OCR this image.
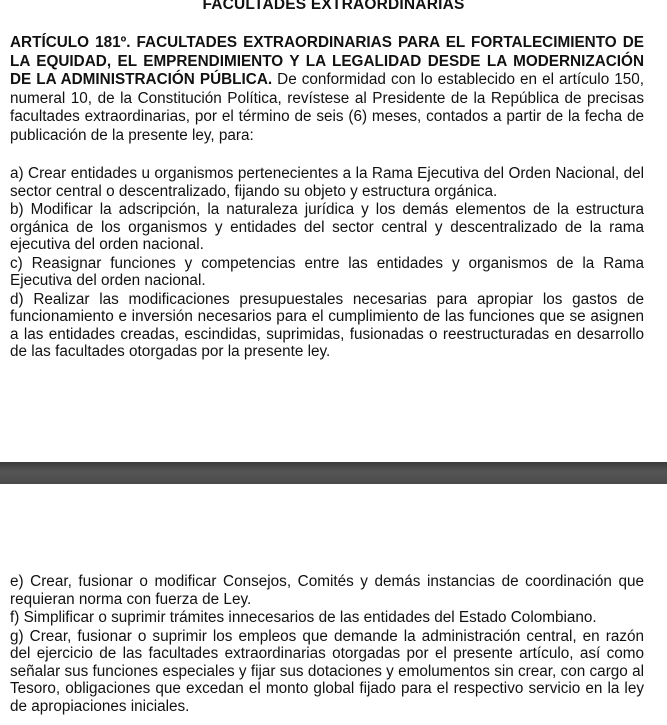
FACULTADES EXTRAORDINARIAS
ARTÍCULO 181º. FACULTADES EXTRAORDINARIAS PARA EL FORTALECIMIENTO DE LA EQUIDAD, EL EMPRENDIMIENTO Y LA LEGALIDAD DESDE LA MODERNIZACIÓN DE LA ADMINISTRACIÓN PÚBLICA. De conformidad con lo establecido en el artículo 150, numeral 10, de la Constitución Política, revístese al Presidente de la República de precisas facultades extraordinarias, por el término de seis (6) meses, contados a partir de la fecha de publicación de la presente ley, para:

a) Crear entidades u organismos pertenecientes a la Rama Ejecutiva del Orden Nacional, del sector central o descentralizado, fijando su objeto y estructura orgánica.

b) Modificar la adscripción, la naturaleza jurídica y los demás elementos de la estructura orgánica de los organismos y entidades del sector central y descentralizado de la rama ejecutiva del orden nacional.

c) Reasignar funciones y competencias entre las entidades y organismos de la Rama Ejecutiva del orden nacional.

d) Realizar las modificaciones presupuestales necesarias para apropiar los gastos de funcionamiento e inversión necesarios para el cumplimiento de las funciones que se asignen a las entidades creadas, escindidas, suprimidas, fusionadas o reestructuradas en desarrollo de las facultades otorgadas por la presente ley.

e) Crear, fusionar o modificar Consejos, Comités y demás instancias de coordinación que requieran norma con fuerza de Ley.

f) Simplificar o suprimir trámites innecesarios de las entidades del Estado Colombiano.

g) Crear, fusionar o suprimir los empleos que demande la administración central, en razón del ejercicio de las facultades extraordinarias otorgadas por el presente artículo, así como señalar sus funciones especiales y fijar sus dotaciones y emolumentos sin crear, con cargo al Tesoro, obligaciones que excedan el monto global fijado para el respectivo servicio en la ley de apropiaciones iniciales.
